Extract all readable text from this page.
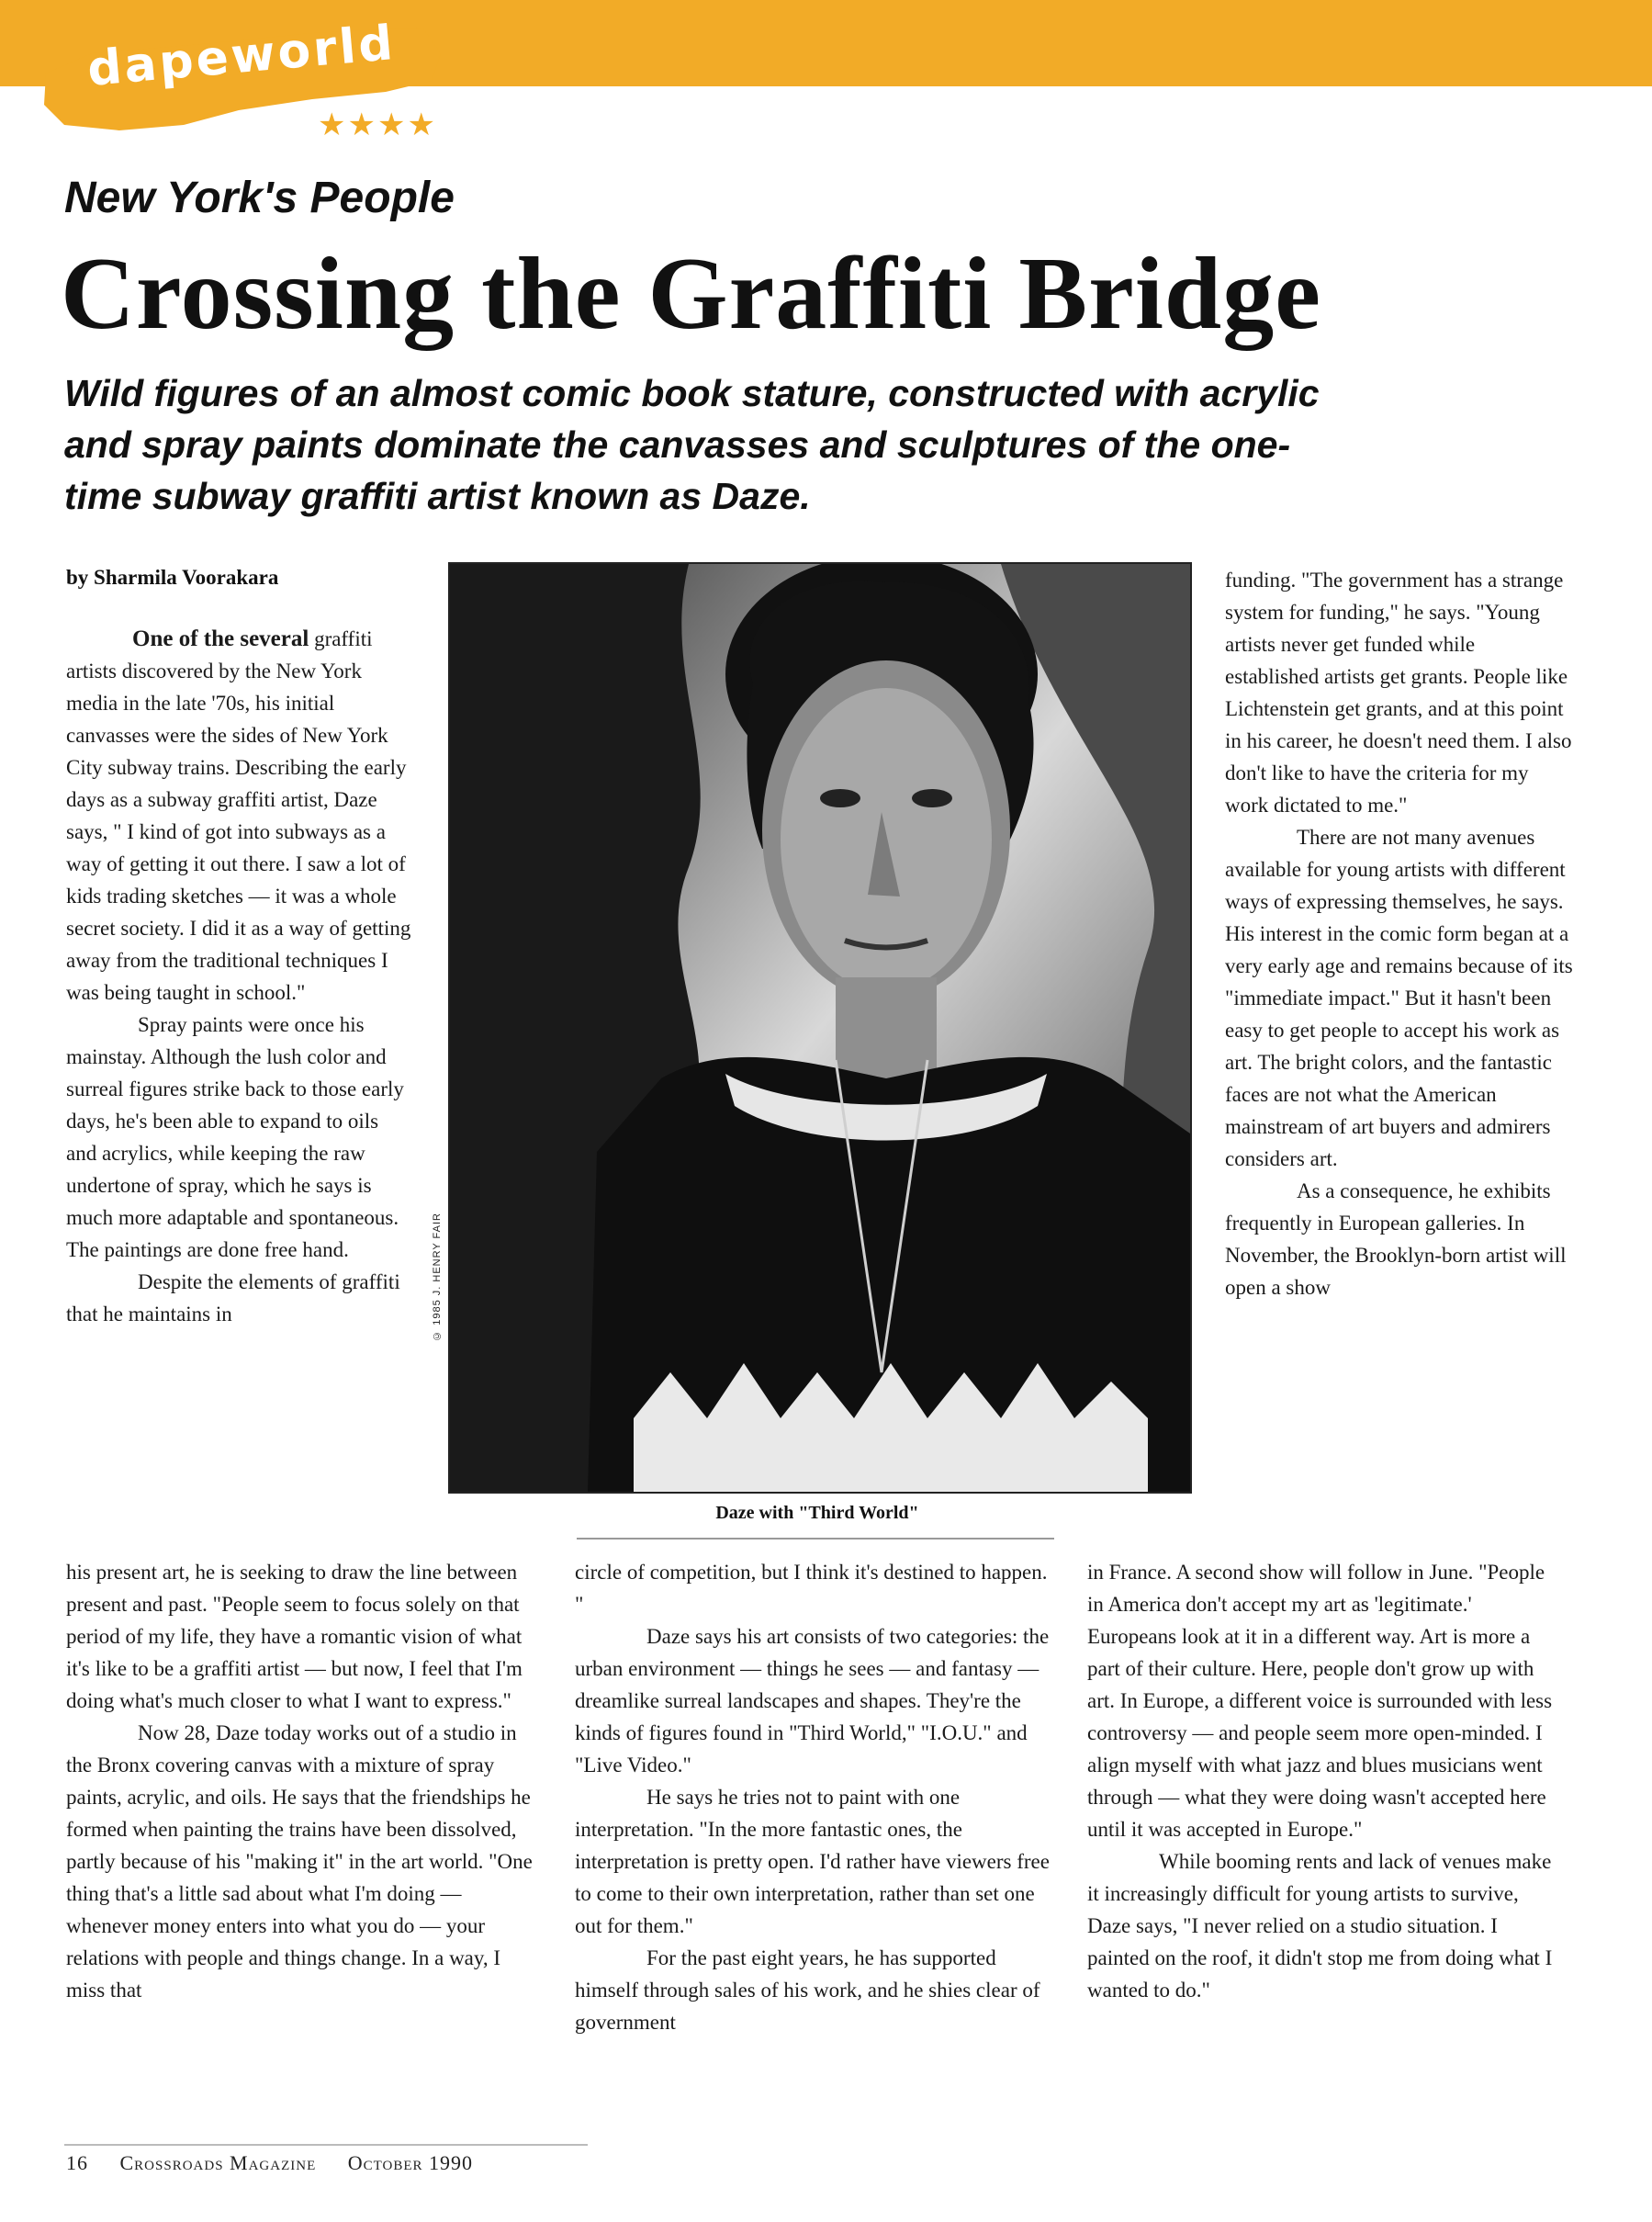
dapeworld
★★★★
New York's People
Crossing the Graffiti Bridge
Wild figures of an almost comic book stature, constructed with acrylic and spray paints dominate the canvasses and sculptures of the one-time subway graffiti artist known as Daze.
by Sharmila Voorakara

One of the several graffiti artists discovered by the New York media in the late '70s, his initial canvasses were the sides of New York City subway trains. Describing the early days as a subway graffiti artist, Daze says, " I kind of got into subways as a way of getting it out there. I saw a lot of kids trading sketches — it was a whole secret society. I did it as a way of getting away from the traditional techniques I was being taught in school."

Spray paints were once his mainstay. Although the lush color and surreal figures strike back to those early days, he's been able to expand to oils and acrylics, while keeping the raw undertone of spray, which he says is much more adaptable and spontaneous. The paintings are done free hand.

Despite the elements of graffiti that he maintains in	© 1985 J. HENRY FAIR
Daze with "Third World"

his present art, he is seeking to draw the line between present and past. "People seem to focus solely on that period of my life, they have a romantic vision of what it's like to be a graffiti artist — but now, I feel that I'm doing what's much closer to what I want to express."

Now 28, Daze today works out of a studio in the Bronx covering canvas with a mixture of spray paints, acrylic, and oils. He says that the friendships he formed when painting the trains have been dissolved, partly because of his "making it" in the art world. "One thing that's a little sad about what I'm doing — whenever money enters into what you do — your relations with people and things change. In a way, I miss that

circle of competition, but I think it's destined to happen. "

Daze says his art consists of two categories: the urban environment — things he sees — and fantasy — dreamlike surreal landscapes and shapes. They're the kinds of figures found in "Third World," "I.O.U." and "Live Video."

He says he tries not to paint with one interpretation. "In the more fantastic ones, the interpretation is pretty open. I'd rather have viewers free to come to their own interpretation, rather than set one out for them."

For the past eight years, he has supported himself through sales of his work, and he shies clear of government

funding. "The government has a strange system for funding," he says. "Young artists never get funded while established artists get grants. People like Lichtenstein get grants, and at this point in his career, he doesn't need them. I also don't like to have the criteria for my work dictated to me."

There are not many avenues available for young artists with different ways of expressing themselves, he says. His interest in the comic form began at a very early age and remains because of its "immediate impact." But it hasn't been easy to get people to accept his work as art. The bright colors, and the fantastic faces are not what the American mainstream of art buyers and admirers considers art.

As a consequence, he exhibits frequently in European galleries. In November, the Brooklyn-born artist will open a show

in France. A second show will follow in June. "People in America don't accept my art as 'legitimate.' Europeans look at it in a different way. Art is more a part of their culture. Here, people don't grow up with art. In Europe, a different voice is surrounded with less controversy — and people seem more open-minded. I align myself with what jazz and blues musicians went through — what they were doing wasn't accepted here until it was accepted in Europe."

While booming rents and lack of venues make it increasingly difficult for young artists to survive, Daze says, "I never relied on a studio situation. I painted on the roof, it didn't stop me from doing what I wanted to do."

16 Crossroads Magazine October 1990
